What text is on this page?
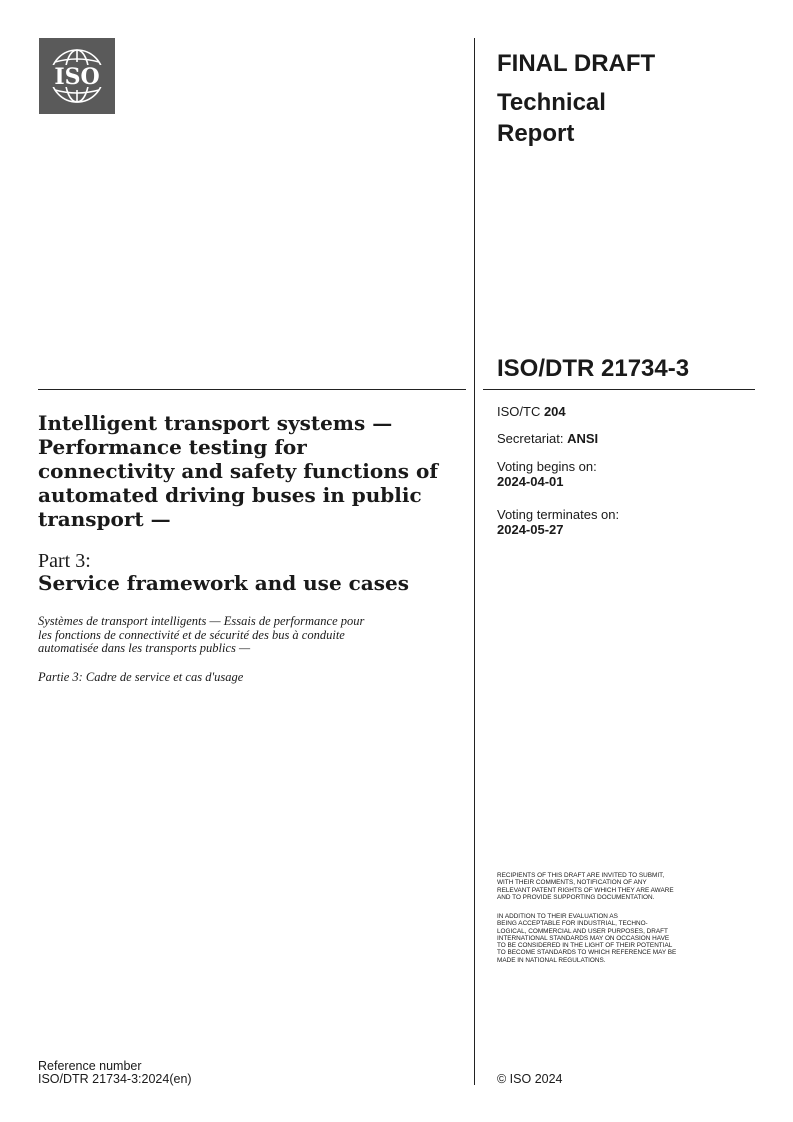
ISO	FINAL DRAFT
Technical
Report
ISO/DTR 21734-3
ISO/TC 204
Secretariat: ANSI
Voting begins on:
2024-04-01
Voting terminates on:
2024-05-27
Intelligent transport systems —
Performance testing for
connectivity and safety functions of
automated driving buses in public
transport —
Part 3:
Service framework and use cases
Systèmes de transport intelligents — Essais de performance pour
les fonctions de connectivité et de sécurité des bus à conduite
automatisée dans les transports publics —
Partie 3: Cadre de service et cas d'usage
RECIPIENTS OF THIS DRAFT ARE INVITED TO SUBMIT,
WITH THEIR COMMENTS, NOTIFICATION OF ANY
RELEVANT PATENT RIGHTS OF WHICH THEY ARE AWARE
AND TO PROVIDE SUPPORTING DOCUMENTATION.
IN ADDITION TO THEIR EVALUATION AS
BEING ACCEPTABLE FOR INDUSTRIAL, TECHNO-
LOGICAL, COMMERCIAL AND USER PURPOSES, DRAFT
INTERNATIONAL STANDARDS MAY ON OCCASION HAVE
TO BE CONSIDERED IN THE LIGHT OF THEIR POTENTIAL
TO BECOME STANDARDS TO WHICH REFERENCE MAY BE
MADE IN NATIONAL REGULATIONS.
Reference number
ISO/DTR 21734-3:2024(en)	© ISO 2024
